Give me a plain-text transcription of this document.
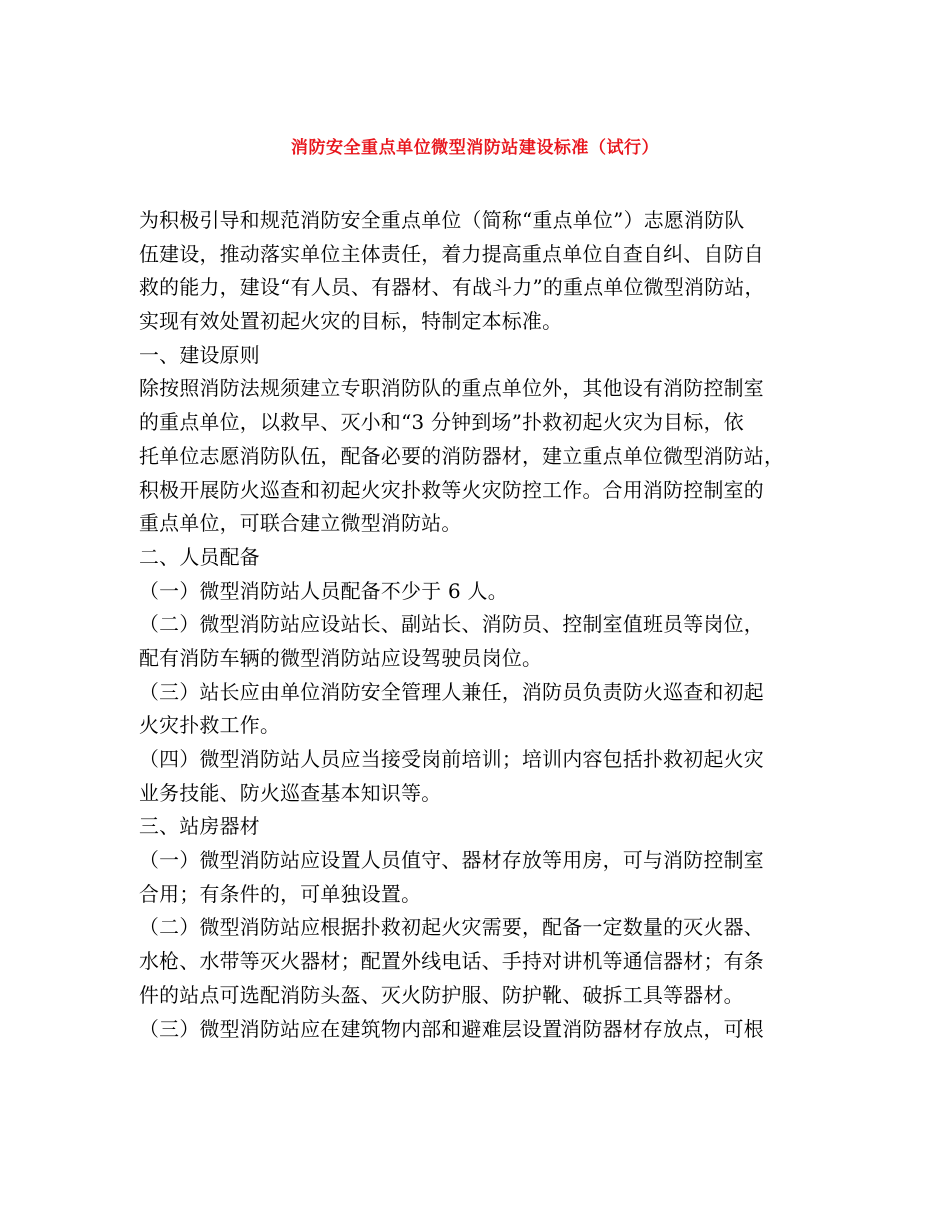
消防安全重点单位微型消防站建设标准（试行）
为积极引导和规范消防安全重点单位（简称“重点单位”）志愿消防队
伍建设，推动落实单位主体责任，着力提高重点单位自查自纠、自防自
救的能力，建设“有人员、有器材、有战斗力”的重点单位微型消防站，
实现有效处置初起火灾的目标，特制定本标准。
一、建设原则
除按照消防法规须建立专职消防队的重点单位外，其他设有消防控制室
的重点单位，以救早、灭小和“3 分钟到场”扑救初起火灾为目标，依
托单位志愿消防队伍，配备必要的消防器材，建立重点单位微型消防站，
积极开展防火巡查和初起火灾扑救等火灾防控工作。合用消防控制室的
重点单位，可联合建立微型消防站。
二、人员配备
（一）微型消防站人员配备不少于 6 人。
（二）微型消防站应设站长、副站长、消防员、控制室值班员等岗位，
配有消防车辆的微型消防站应设驾驶员岗位。
（三）站长应由单位消防安全管理人兼任，消防员负责防火巡查和初起
火灾扑救工作。
（四）微型消防站人员应当接受岗前培训；培训内容包括扑救初起火灾
业务技能、防火巡查基本知识等。
三、站房器材
（一）微型消防站应设置人员值守、器材存放等用房，可与消防控制室
合用；有条件的，可单独设置。
（二）微型消防站应根据扑救初起火灾需要，配备一定数量的灭火器、
水枪、水带等灭火器材；配置外线电话、手持对讲机等通信器材；有条
件的站点可选配消防头盔、灭火防护服、防护靴、破拆工具等器材。
（三）微型消防站应在建筑物内部和避难层设置消防器材存放点，可根
